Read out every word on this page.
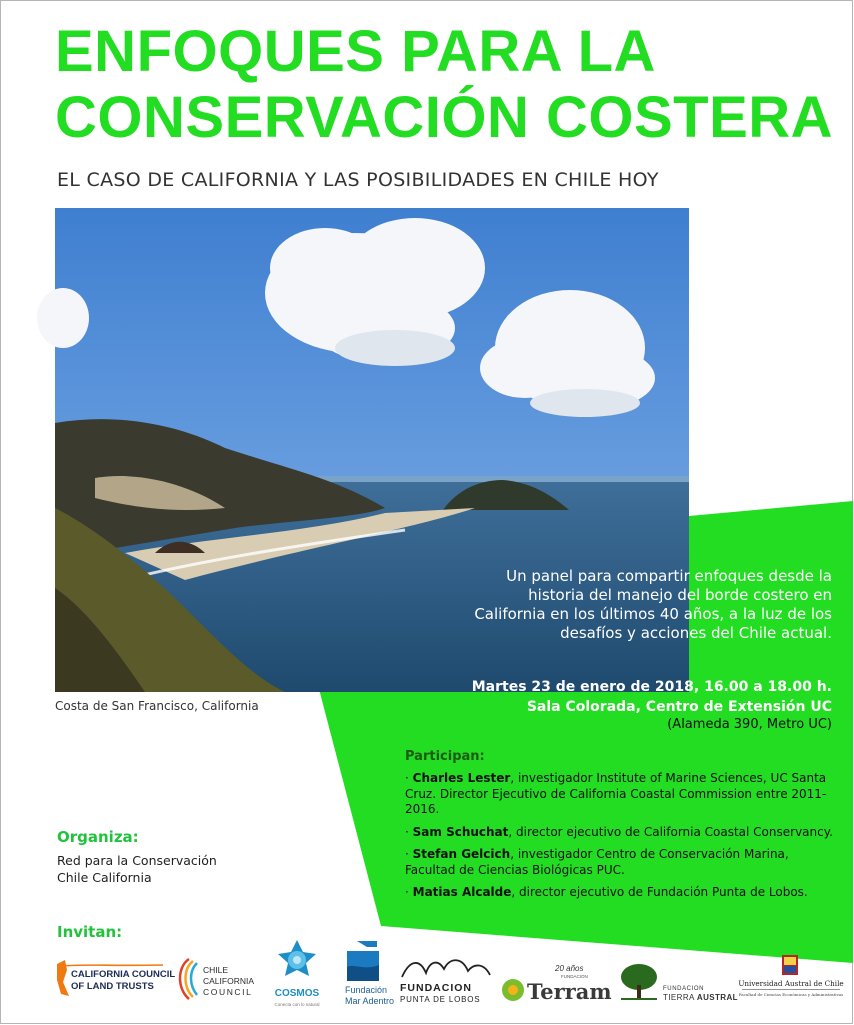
ENFOQUES PARA LA
CONSERVACIÓN COSTERA
EL CASO DE CALIFORNIA Y LAS POSIBILIDADES EN CHILE HOY
Costa de San Francisco, California
Un panel para compartir enfoques desde la
historia del manejo del borde costero en
California en los últimos 40 años, a la luz de los
desafíos y acciones del Chile actual.
Martes 23 de enero de 2018, 16.00 a 18.00 h.
Sala Colorada, Centro de Extensión UC
(Alameda 390, Metro UC)
Participan:
· Charles Lester, investigador Institute of Marine Sciences, UC Santa Cruz. Director Ejecutivo de California Coastal Commission entre 2011-2016.
· Sam Schuchat, director ejecutivo de California Coastal Conservancy.
· Stefan Gelcich, investigador Centro de Conservación Marina, Facultad de Ciencias Biológicas PUC.
· Matias Alcalde, director ejecutivo de Fundación Punta de Lobos.
Organiza:
Red para la Conservación
Chile California
Invitan:
CALIFORNIA COUNCIL
OF LAND TRUSTS
CHILE
CALIFORNIA
COUNCIL COSMOS
Conecta con lo natural
Fundación
Mar Adentro
FUNDACION
PUNTA DE LOBOS
20 años
FUNDACION
Terram	FUNDACION
TIERRA AUSTRAL
Universidad Austral de Chile
Facultad de Ciencias Económicas y Administrativas
